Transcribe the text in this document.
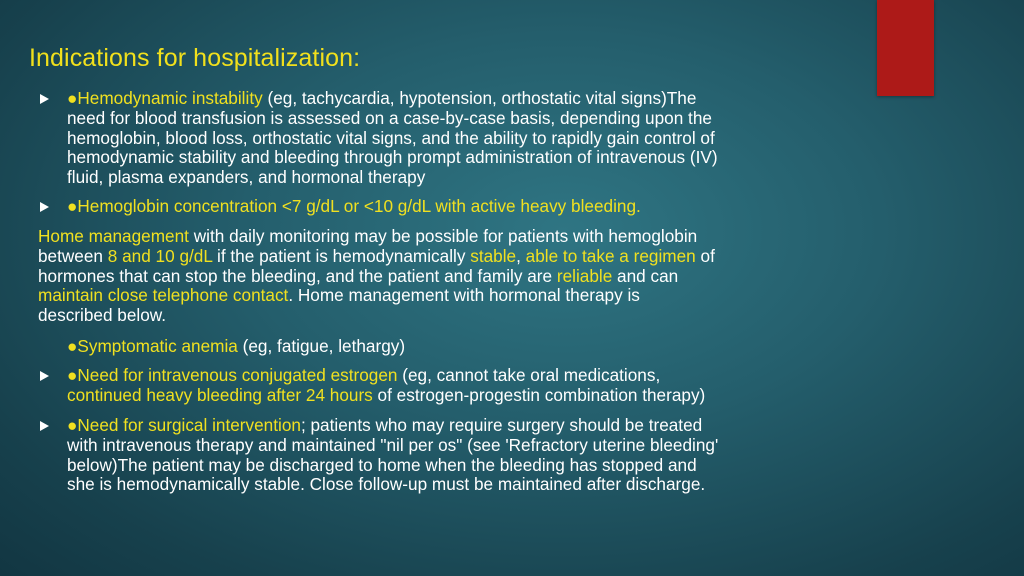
Indications for hospitalization:
●Hemodynamic instability (eg, tachycardia, hypotension, orthostatic vital signs)The
need for blood transfusion is assessed on a case-by-case basis, depending upon the
hemoglobin, blood loss, orthostatic vital signs, and the ability to rapidly gain control of
hemodynamic stability and bleeding through prompt administration of intravenous (IV)
fluid, plasma expanders, and hormonal therapy
●Hemoglobin concentration <7 g/dL or <10 g/dL with active heavy bleeding.
Home management with daily monitoring may be possible for patients with hemoglobin
between 8 and 10 g/dL if the patient is hemodynamically stable, able to take a regimen of
hormones that can stop the bleeding, and the patient and family are reliable and can
maintain close telephone contact. Home management with hormonal therapy is
described below.
●Symptomatic anemia (eg, fatigue, lethargy)
●Need for intravenous conjugated estrogen (eg, cannot take oral medications,
continued heavy bleeding after 24 hours of estrogen-progestin combination therapy)
●Need for surgical intervention; patients who may require surgery should be treated
with intravenous therapy and maintained "nil per os" (see 'Refractory uterine bleeding'
below)The patient may be discharged to home when the bleeding has stopped and
she is hemodynamically stable. Close follow-up must be maintained after discharge.
